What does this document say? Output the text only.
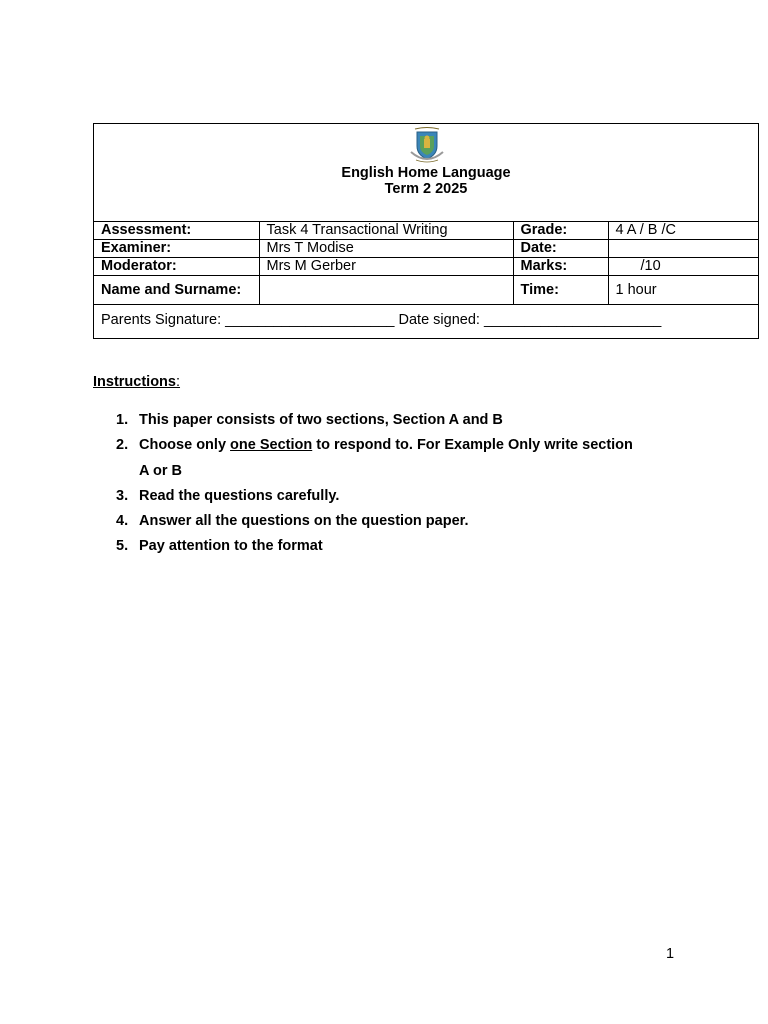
English Home Language
Term 2 2025
Assessment:	Task 4 Transactional Writing	Grade:	4 A / B /C
Examiner:	Mrs T Modise	Date:	
Moderator:	Mrs M Gerber	Marks:	/10
Name and Surname:		Time:	1 hour
Parents Signature: _____________________ Date signed: ______________________			
Instructions:
1. This paper consists of two sections, Section A and B
2. Choose only one Section to respond to. For Example Only write section
A or B
3. Read the questions carefully.
4. Answer all the questions on the question paper.
5. Pay attention to the format
1
